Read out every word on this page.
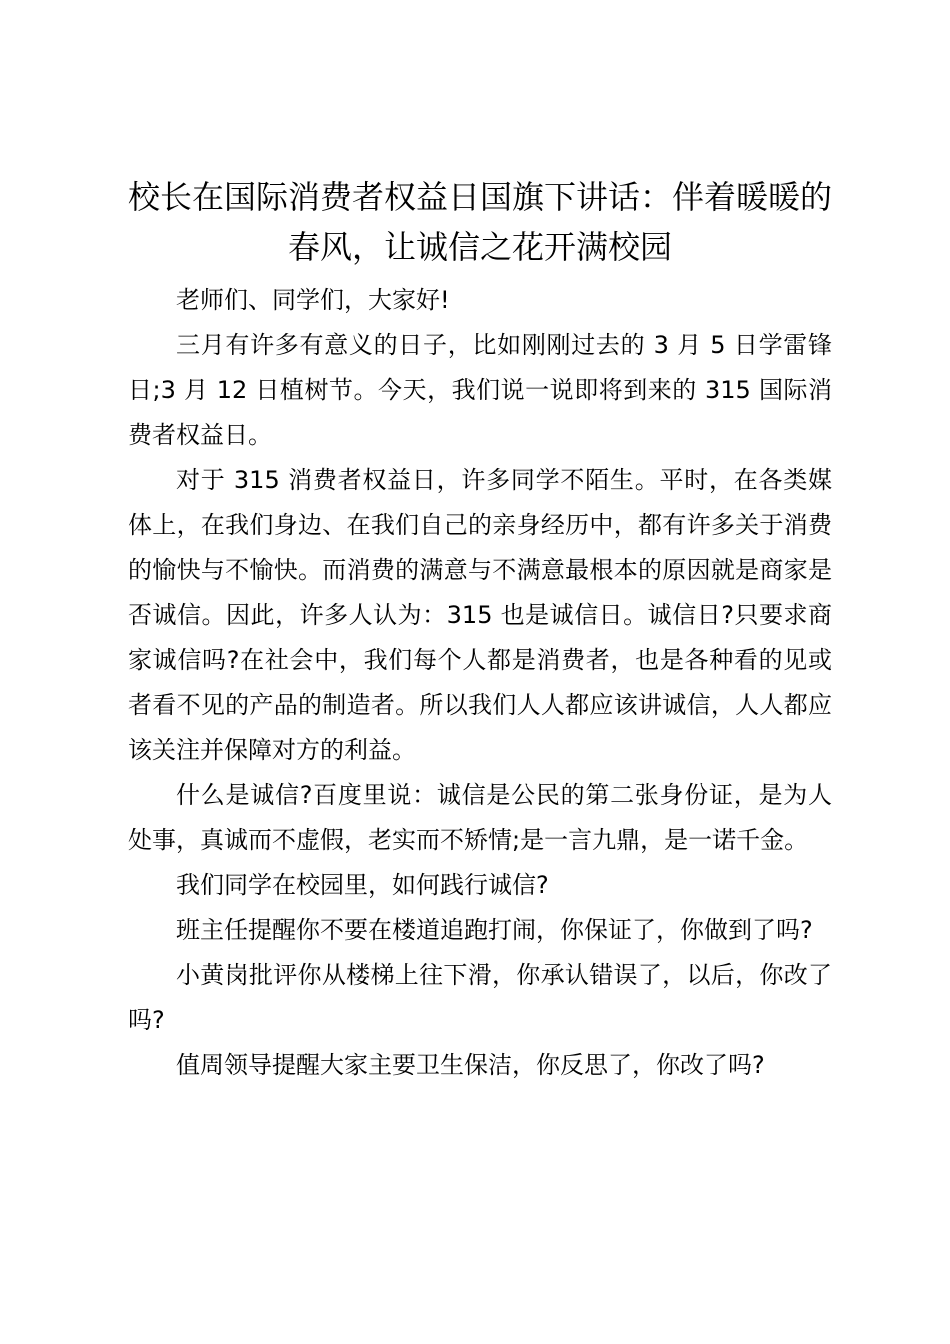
校长在国际消费者权益日国旗下讲话：伴着暖暖的春风，让诚信之花开满校园

老师们、同学们，大家好!

三月有许多有意义的日子，比如刚刚过去的 3 月 5 日学雷锋日;3 月 12 日植树节。今天，我们说一说即将到来的 315 国际消费者权益日。

对于 315 消费者权益日，许多同学不陌生。平时，在各类媒体上，在我们身边、在我们自己的亲身经历中，都有许多关于消费的愉快与不愉快。而消费的满意与不满意最根本的原因就是商家是否诚信。因此，许多人认为：315 也是诚信日。诚信日?只要求商家诚信吗?在社会中，我们每个人都是消费者，也是各种看的见或者看不见的产品的制造者。所以我们人人都应该讲诚信，人人都应该关注并保障对方的利益。

什么是诚信?百度里说：诚信是公民的第二张身份证，是为人处事，真诚而不虚假，老实而不矫情;是一言九鼎，是一诺千金。

我们同学在校园里，如何践行诚信?

班主任提醒你不要在楼道追跑打闹，你保证了，你做到了吗?

小黄岗批评你从楼梯上往下滑，你承认错误了，以后，你改了吗?

值周领导提醒大家主要卫生保洁，你反思了，你改了吗?
